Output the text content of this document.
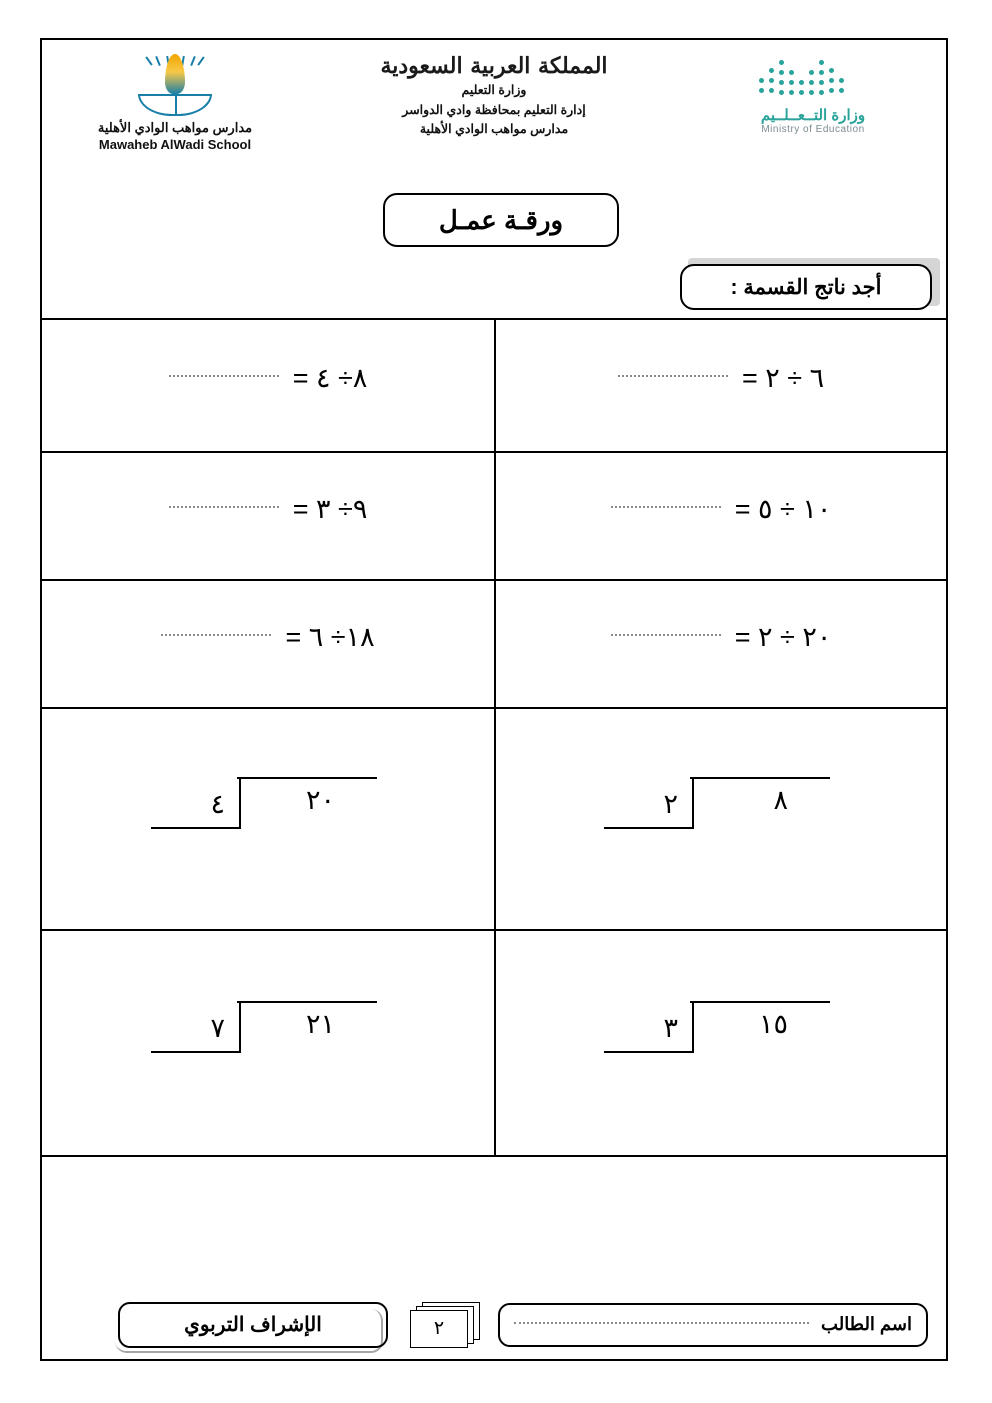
مدارس مواهب الوادي الأهلية
Mawaheb AlWadi School
المملكة العربية السعودية
وزارة التعليم
إدارة التعليم بمحافظة وادي الدواسر
مدارس مواهب الوادي الأهلية
وزارة التــعــلــيم
Ministry of Education
ورقـة عمـل
أجد ناتج القسمة :
٦ ÷ ٢ =
٨÷ ٤ =
١٠ ÷ ٥ =
٩÷ ٣ =
٢٠ ÷ ٢ =
١٨÷ ٦ =
٨
٢
٢٠
٤
١٥
٣
٢١
٧
اسم الطالب
٢
الإشراف التربوي
